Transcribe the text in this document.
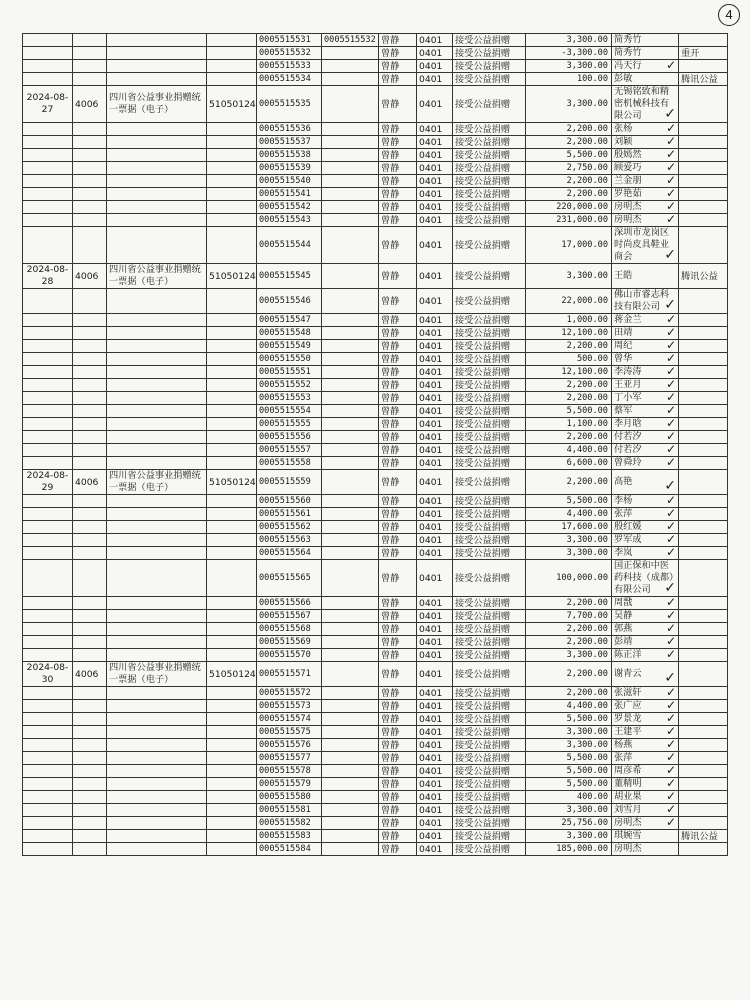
4
				0005515531	0005515532	曾静	0401	接受公益捐赠	3,300.00	简秀竹	
				0005515532		曾静	0401	接受公益捐赠	-3,300.00	简秀竹	重开
				0005515533		曾静	0401	接受公益捐赠	3,300.00	冯天行 ✓	

				0005515534		曾静	0401	接受公益捐赠	100.00	彭敏	腾讯公益
2024-08-27	4006	四川省公益事业捐赠统一票据（电子）	51050124	0005515535		曾静	0401	接受公益捐赠	3,300.00	无锡铭致和精密机械科技有限公司 ✓	

				0005515536		曾静	0401	接受公益捐赠	2,200.00	张杨 ✓	

				0005515537		曾静	0401	接受公益捐赠	2,200.00	刘颖 ✓	

				0005515538		曾静	0401	接受公益捐赠	5,500.00	殷嫣然 ✓	

				0005515539		曾静	0401	接受公益捐赠	2,750.00	顾爱巧 ✓	

				0005515540		曾静	0401	接受公益捐赠	2,200.00	兰金朋 ✓	

				0005515541		曾静	0401	接受公益捐赠	2,200.00	罗艳茹 ✓	

				0005515542		曾静	0401	接受公益捐赠	220,000.00	房明杰 ✓	

				0005515543		曾静	0401	接受公益捐赠	231,000.00	房明杰 ✓	

				0005515544		曾静	0401	接受公益捐赠	17,000.00	深圳市龙岗区时尚皮具鞋业商会 ✓	

2024-08-28	4006	四川省公益事业捐赠统一票据（电子）	51050124	0005515545		曾静	0401	接受公益捐赠	3,300.00	王皓	腾讯公益
				0005515546		曾静	0401	接受公益捐赠	22,000.00	佛山市睿志科技有限公司 ✓	

				0005515547		曾静	0401	接受公益捐赠	1,000.00	蒋金兰 ✓	

				0005515548		曾静	0401	接受公益捐赠	12,100.00	田靖 ✓	

				0005515549		曾静	0401	接受公益捐赠	2,200.00	周纪 ✓	

				0005515550		曾静	0401	接受公益捐赠	500.00	曾华 ✓	

				0005515551		曾静	0401	接受公益捐赠	12,100.00	李涛涛 ✓	

				0005515552		曾静	0401	接受公益捐赠	2,200.00	王亚月 ✓	

				0005515553		曾静	0401	接受公益捐赠	2,200.00	丁小军 ✓	

				0005515554		曾静	0401	接受公益捐赠	5,500.00	蔡军 ✓	

				0005515555		曾静	0401	接受公益捐赠	1,100.00	李月晗 ✓	

				0005515556		曾静	0401	接受公益捐赠	2,200.00	付若汐 ✓	

				0005515557		曾静	0401	接受公益捐赠	4,400.00	付若汐 ✓	

				0005515558		曾静	0401	接受公益捐赠	6,600.00	曾舜玲 ✓	

2024-08-29	4006	四川省公益事业捐赠统一票据（电子）	51050124	0005515559		曾静	0401	接受公益捐赠	2,200.00	高艳 ✓	

				0005515560		曾静	0401	接受公益捐赠	5,500.00	李杨 ✓	

				0005515561		曾静	0401	接受公益捐赠	4,400.00	张萍 ✓	

				0005515562		曾静	0401	接受公益捐赠	17,600.00	殷红媛 ✓	

				0005515563		曾静	0401	接受公益捐赠	3,300.00	罗军成 ✓	

				0005515564		曾静	0401	接受公益捐赠	3,300.00	李岚 ✓	

				0005515565		曾静	0401	接受公益捐赠	100,000.00	国正保和中医药科技（成都）有限公司 ✓	

				0005515566		曾静	0401	接受公益捐赠	2,200.00	周戬 ✓	

				0005515567		曾静	0401	接受公益捐赠	7,700.00	吴静 ✓	

				0005515568		曾静	0401	接受公益捐赠	2,200.00	郭燕 ✓	

				0005515569		曾静	0401	接受公益捐赠	2,200.00	彭靖 ✓	

				0005515570		曾静	0401	接受公益捐赠	3,300.00	陈正洋 ✓	

2024-08-30	4006	四川省公益事业捐赠统一票据（电子）	51050124	0005515571		曾静	0401	接受公益捐赠	2,200.00	谢青云 ✓	

				0005515572		曾静	0401	接受公益捐赠	2,200.00	张滋轩 ✓	

				0005515573		曾静	0401	接受公益捐赠	4,400.00	张广应 ✓	

				0005515574		曾静	0401	接受公益捐赠	5,500.00	罗景龙 ✓	

				0005515575		曾静	0401	接受公益捐赠	3,300.00	王建平 ✓	

				0005515576		曾静	0401	接受公益捐赠	3,300.00	杨燕 ✓	

				0005515577		曾静	0401	接受公益捐赠	5,500.00	张萍 ✓	

				0005515578		曾静	0401	接受公益捐赠	5,500.00	周彦希 ✓	

				0005515579		曾静	0401	接受公益捐赠	5,500.00	董精明 ✓	

				0005515580		曾静	0401	接受公益捐赠	400.00	胡业果 ✓	

				0005515581		曾静	0401	接受公益捐赠	3,300.00	刘雪月 ✓	

				0005515582		曾静	0401	接受公益捐赠	25,756.00	房明杰 ✓	

				0005515583		曾静	0401	接受公益捐赠	3,300.00	琪婉雪	腾讯公益
				0005515584		曾静	0401	接受公益捐赠	185,000.00	房明杰	
